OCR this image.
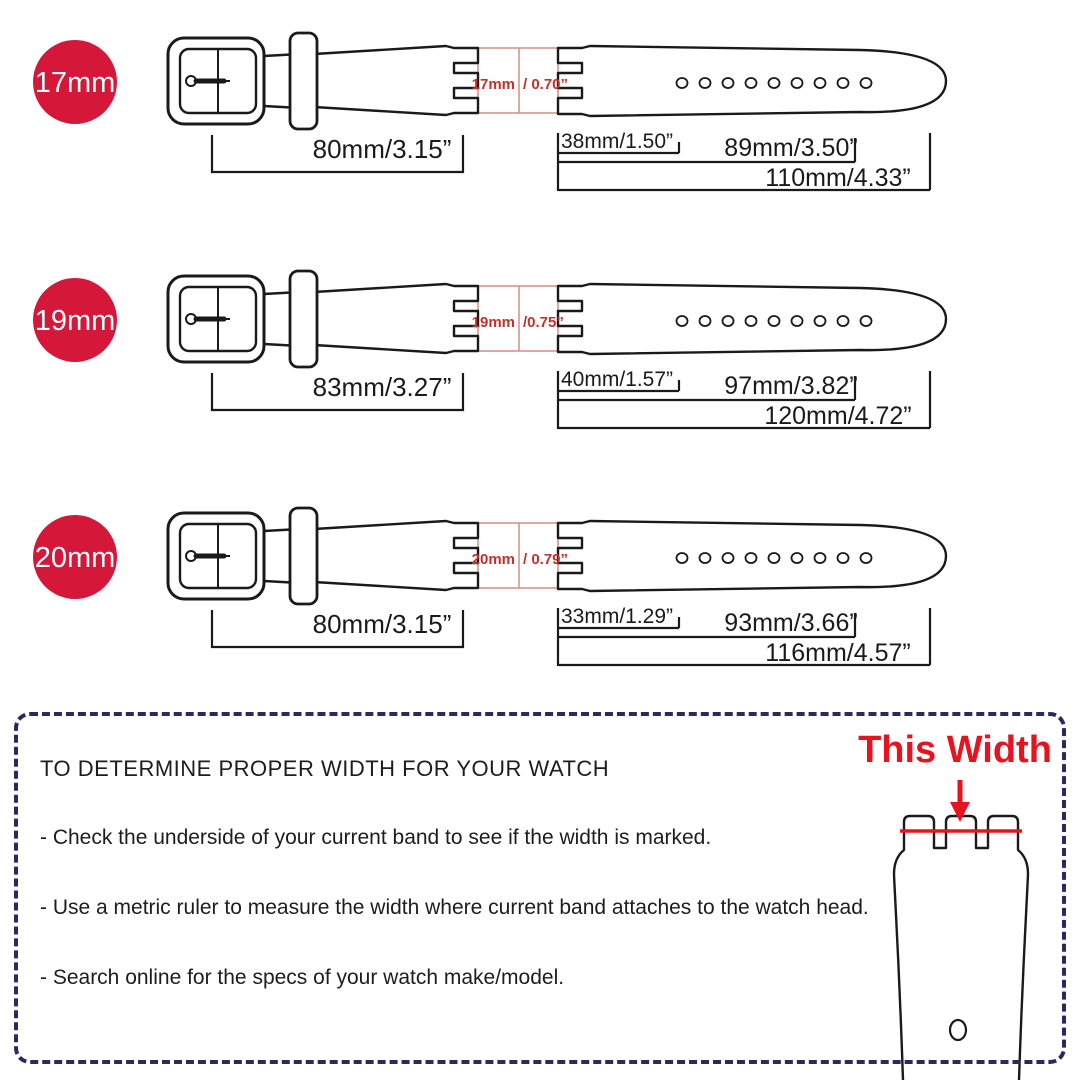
17mm	17mm / 0.70”
80mm/3.15”	38mm/1.50” 89mm/3.50”
110mm/4.33”
19mm	19mm /0.75”
83mm/3.27”	40mm/1.57” 97mm/3.82”
120mm/4.72”
20mm	20mm / 0.79”
80mm/3.15”	33mm/1.29” 93mm/3.66”
116mm/4.57”
TO DETERMINE PROPER WIDTH FOR YOUR WATCH
- Check the underside of your current band to see if the width is marked.
- Use a metric ruler to measure the width where current band attaches to the watch head.
- Search online for the specs of your watch make/model.
This Width
